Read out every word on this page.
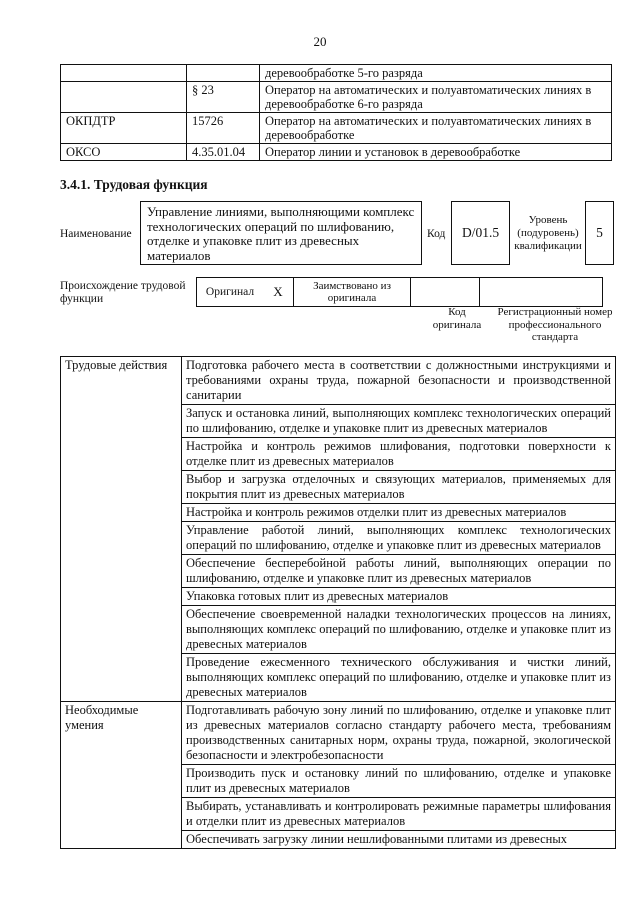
20
		деревообработке 5-го разряда
	§ 23	Оператор на автоматических и полуавтоматических линиях в деревообработке 6-го разряда
ОКПДТР	15726	Оператор на автоматических и полуавтоматических линиях в деревообработке
ОКСО	4.35.01.04	Оператор линии и установок в деревообработке
3.4.1. Трудовая функция
Наименование
Управление линиями, выполняющими комплекс технологических операций по шлифованию, отделке и упаковке плит из древесных материалов
Код D/01.5
Уровень (подуровень) квалификации
5
Происхождение трудовой функции
Оригинал	X	Заимствовано из оригинала		
Код оригинала
Регистрационный номер профессионального стандарта
Трудовые действия	Подготовка рабочего места в соответствии с должностными инструкциями и требованиями охраны труда, пожарной безопасности и производственной санитарии
	Запуск и остановка линий, выполняющих комплекс технологических операций по шлифованию, отделке и упаковке плит из древесных материалов
	Настройка и контроль режимов шлифования, подготовки поверхности к отделке плит из древесных материалов
	Выбор и загрузка отделочных и связующих материалов, применяемых для покрытия плит из древесных материалов
	Настройка и контроль режимов отделки плит из древесных материалов
	Управление работой линий, выполняющих комплекс технологических операций по шлифованию, отделке и упаковке плит из древесных материалов
	Обеспечение бесперебойной работы линий, выполняющих операции по шлифованию, отделке и упаковке плит из древесных материалов
	Упаковка готовых плит из древесных материалов
	Обеспечение своевременной наладки технологических процессов на линиях, выполняющих комплекс операций по шлифованию, отделке и упаковке плит из древесных материалов
	Проведение ежесменного технического обслуживания и чистки линий, выполняющих комплекс операций по шлифованию, отделке и упаковке плит из древесных материалов
Необходимые умения	Подготавливать рабочую зону линий по шлифованию, отделке и упаковке плит из древесных материалов согласно стандарту рабочего места, требованиям производственных санитарных норм, охраны труда, пожарной, экологической безопасности и электробезопасности
	Производить пуск и остановку линий по шлифованию, отделке и упаковке плит из древесных материалов
	Выбирать, устанавливать и контролировать режимные параметры шлифования и отделки плит из древесных материалов
	Обеспечивать загрузку линии нешлифованными плитами из древесных
